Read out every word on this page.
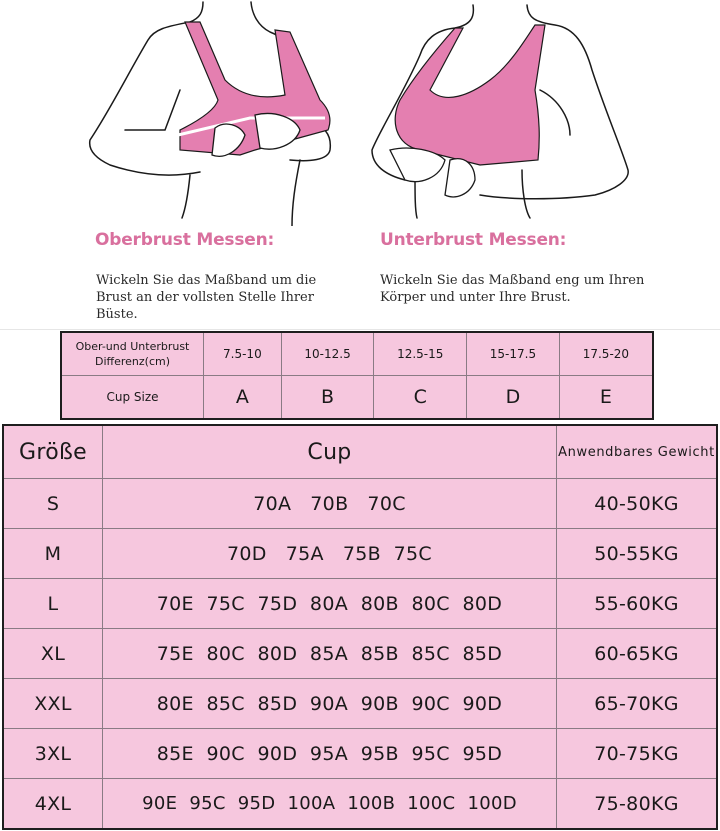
Oberbrust Messen:	Unterbrust Messen:
Wickeln Sie das Maßband um die Brust an der vollsten Stelle Ihrer Büste.
Wickeln Sie das Maßband eng um Ihren Körper und unter Ihre Brust.
Ober-und Unterbrust Differenz(cm)	7.5-10	10-12.5	12.5-15	15-17.5	17.5-20
Cup Size	A	B	C	D	E
Größe	Cup	Anwendbares Gewicht
S	70A   70B   70C	40-50KG
M	70D   75A   75B  75C	50-55KG
L	70E  75C  75D  80A  80B  80C  80D	55-60KG
XL	75E  80C  80D  85A  85B  85C  85D	60-65KG
XXL	80E  85C  85D  90A  90B  90C  90D	65-70KG
3XL	85E  90C  90D  95A  95B  95C  95D	70-75KG
4XL	90E  95C  95D  100A  100B  100C  100D	75-80KG
